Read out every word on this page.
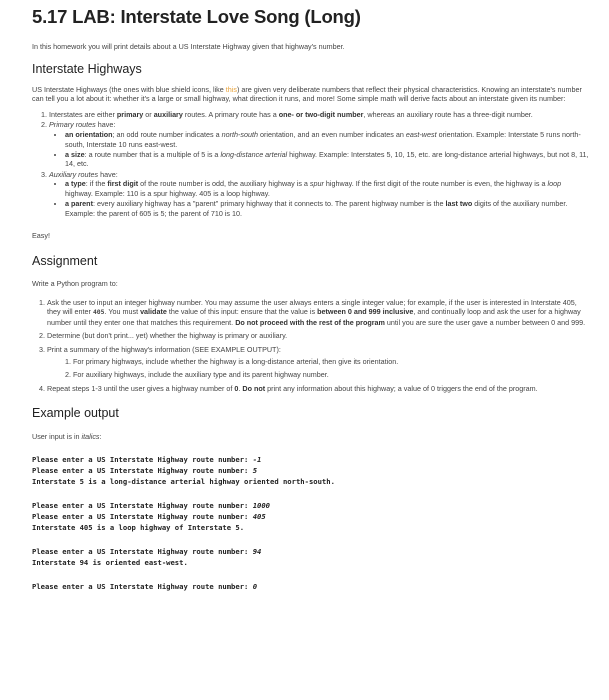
5.17 LAB: Interstate Love Song (Long)

In this homework you will print details about a US Interstate Highway given that highway's number.

Interstate Highways

US Interstate Highways (the ones with blue shield icons, like this) are given very deliberate numbers that reflect their physical characteristics. Knowing an interstate's number can tell you a lot about it: whether it's a large or small highway, what direction it runs, and more! Some simple math will derive facts about an interstate given its number:

1. Interstates are either primary or auxiliary routes. A primary route has a one- or two-digit number, whereas an auxiliary route has a three-digit number.
2. Primary routes have:
• an orientation; an odd route number indicates a north-south orientation, and an even number indicates an east-west orientation. Example: Interstate 5 runs north-south, Interstate 10 runs east-west.
• a size: a route number that is a multiple of 5 is a long-distance arterial highway. Example: Interstates 5, 10, 15, etc. are long-distance arterial highways, but not 8, 11, 14, etc.
3. Auxiliary routes have:
• a type: if the first digit of the route number is odd, the auxiliary highway is a spur highway. If the first digit of the route number is even, the highway is a loop highway. Example: 110 is a spur highway. 405 is a loop highway.
• a parent: every auxiliary highway has a "parent" primary highway that it connects to. The parent highway number is the last two digits of the auxiliary number. Example: the parent of 605 is 5; the parent of 710 is 10.

Easy!

Assignment

Write a Python program to:

1. Ask the user to input an integer highway number. You may assume the user always enters a single integer value; for example, if the user is interested in Interstate 405, they will enter 405. You must validate the value of this input: ensure that the value is between 0 and 999 inclusive, and continually loop and ask the user for a highway number until they enter one that matches this requirement. Do not proceed with the rest of the program until you are sure the user gave a number between 0 and 999.
2. Determine (but don't print... yet) whether the highway is primary or auxiliary.
3. Print a summary of the highway's information (SEE EXAMPLE OUTPUT):
1. For primary highways, include whether the highway is a long-distance arterial, then give its orientation.
2. For auxiliary highways, include the auxiliary type and its parent highway number.
4. Repeat steps 1-3 until the user gives a highway number of 0. Do not print any information about this highway; a value of 0 triggers the end of the program.
Example output

User input is in italics:

Please enter a US Interstate Highway route number: -1

Please enter a US Interstate Highway route number: 5

Interstate 5 is a long-distance arterial highway oriented north-south.

Please enter a US Interstate Highway route number: 1000

Please enter a US Interstate Highway route number: 405

Interstate 405 is a loop highway of Interstate 5.

Please enter a US Interstate Highway route number: 94

Interstate 94 is oriented east-west.

Please enter a US Interstate Highway route number: 0
